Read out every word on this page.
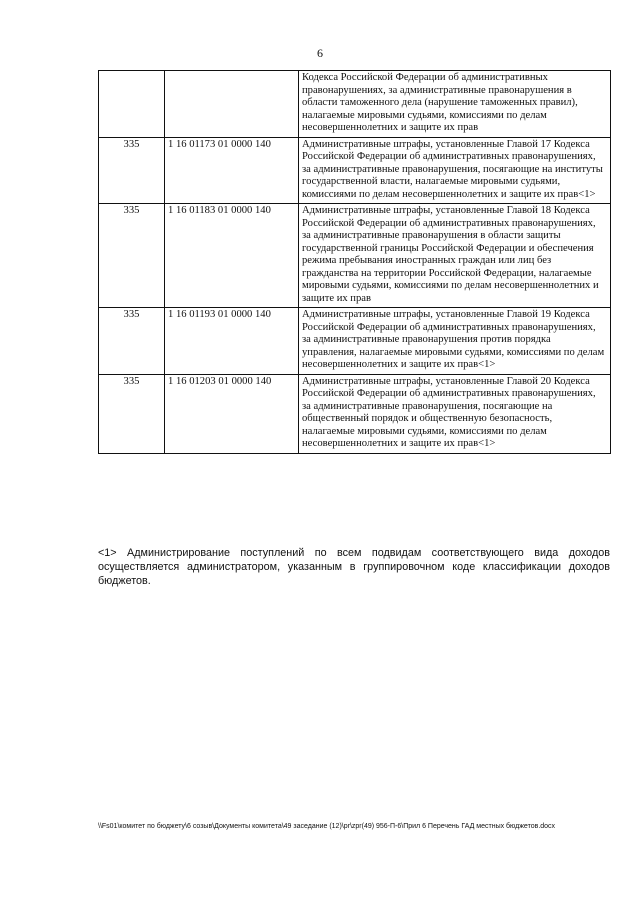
6
		Кодекса Российской Федерации об административных правонарушениях, за административные правонарушения в области таможенного дела (нарушение таможенных правил), налагаемые мировыми судьями, комиссиями по делам несовершеннолетних и защите их прав
335	1 16 01173 01 0000 140	Административные штрафы, установленные Главой 17 Кодекса Российской Федерации об административных правонарушениях, за административные правонарушения, посягающие на институты государственной власти, налагаемые мировыми судьями, комиссиями по делам несовершеннолетних и защите их прав<1>
335	1 16 01183 01 0000 140	Административные штрафы, установленные Главой 18 Кодекса Российской Федерации об административных правонарушениях, за административные правонарушения в области защиты государственной границы Российской Федерации и обеспечения режима пребывания иностранных граждан или лиц без гражданства на территории Российской Федерации, налагаемые мировыми судьями, комиссиями по делам несовершеннолетних и защите их прав
335	1 16 01193 01 0000 140	Административные штрафы, установленные Главой 19 Кодекса Российской Федерации об административных правонарушениях, за административные правонарушения против порядка управления, налагаемые мировыми судьями, комиссиями по делам несовершеннолетних и защите их прав<1>
335	1 16 01203 01 0000 140	Административные штрафы, установленные Главой 20 Кодекса Российской Федерации об административных правонарушениях, за административные правонарушения, посягающие на общественный порядок и общественную безопасность, налагаемые мировыми судьями, комиссиями по делам несовершеннолетних и защите их прав<1>
<1> Администрирование поступлений по всем подвидам соответствующего вида доходов осуществляется администратором, указанным в группировочном коде классификации доходов бюджетов.
\\Fs01\комитет по бюджету\6 созыв\Документы комитета\49 заседание (12)\pr\zpr(49) 956-П-6\Прил 6 Перечень ГАД местных бюджетов.docx
